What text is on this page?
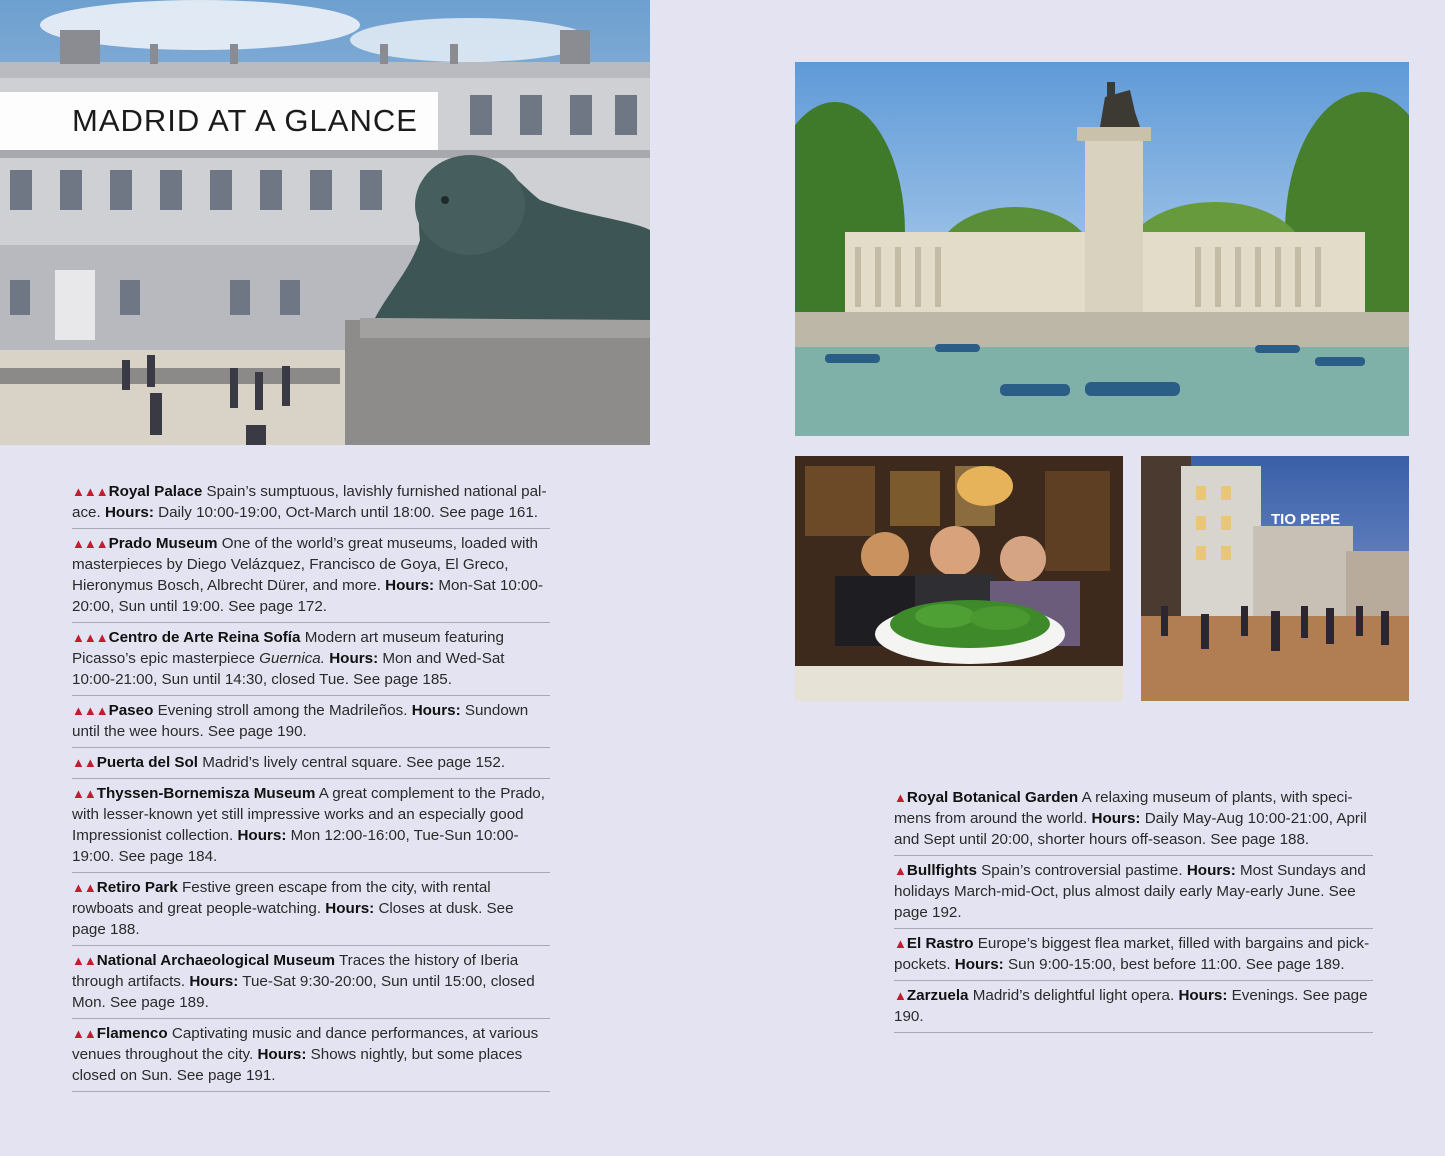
MADRID AT A GLANCE
TIO PEPE
▲▲▲Royal Palace Spain’s sumptuous, lavishly furnished national palace. Hours: Daily 10:00-19:00, Oct-March until 18:00. See page 161.
▲▲▲Prado Museum One of the world’s great museums, loaded with masterpieces by Diego Velázquez, Francisco de Goya, El Greco, Hieronymus Bosch, Albrecht Dürer, and more. Hours: Mon-Sat 10:00-20:00, Sun until 19:00. See page 172.
▲▲▲Centro de Arte Reina Sofía Modern art museum featuring Picasso’s epic masterpiece Guernica. Hours: Mon and Wed-Sat 10:00-21:00, Sun until 14:30, closed Tue. See page 185.
▲▲▲Paseo Evening stroll among the Madrileños. Hours: Sundown until the wee hours. See page 190.
▲▲Puerta del Sol Madrid’s lively central square. See page 152.
▲▲Thyssen-Bornemisza Museum A great complement to the Prado, with lesser-known yet still impressive works and an especially good Impressionist collection. Hours: Mon 12:00-16:00, Tue-Sun 10:00-19:00. See page 184.
▲▲Retiro Park Festive green escape from the city, with rental rowboats and great people-watching. Hours: Closes at dusk. See page 188.
▲▲National Archaeological Museum Traces the history of Iberia through artifacts. Hours: Tue-Sat 9:30-20:00, Sun until 15:00, closed Mon. See page 189.
▲▲Flamenco Captivating music and dance performances, at various venues throughout the city. Hours: Shows nightly, but some places closed on Sun. See page 191.
▲Royal Botanical Garden A relaxing museum of plants, with specimens from around the world. Hours: Daily May-Aug 10:00-21:00, April and Sept until 20:00, shorter hours off-season. See page 188.
▲Bullfights Spain’s controversial pastime. Hours: Most Sundays and holidays March-mid-Oct, plus almost daily early May-early June. See page 192.
▲El Rastro Europe’s biggest flea market, filled with bargains and pickpockets. Hours: Sun 9:00-15:00, best before 11:00. See page 189.
▲Zarzuela Madrid’s delightful light opera. Hours: Evenings. See page 190.
